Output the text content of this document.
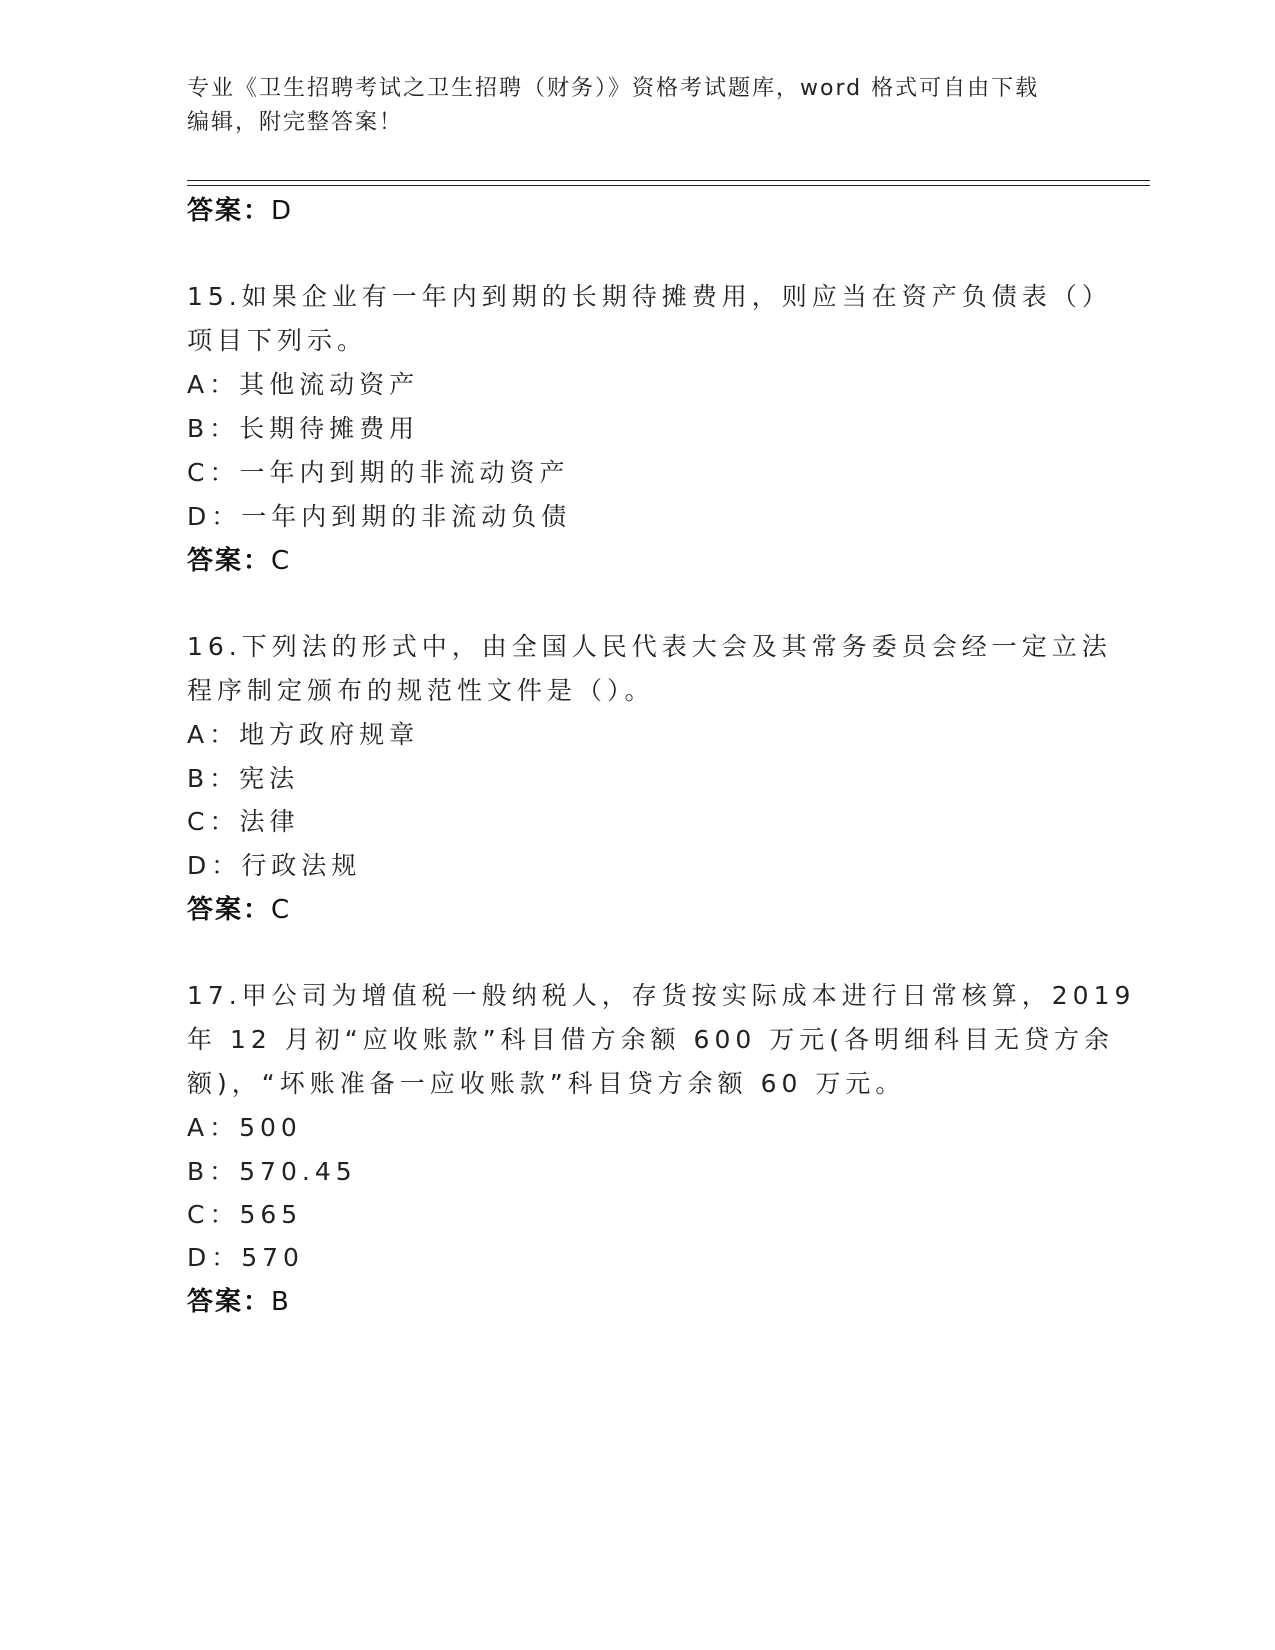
专业《卫生招聘考试之卫生招聘（财务）》资格考试题库，word 格式可自由下载
编辑，附完整答案！
答案：D
15.如果企业有一年内到期的长期待摊费用，则应当在资产负债表（）
项目下列示。
A：其他流动资产
B：长期待摊费用
C：一年内到期的非流动资产
D：一年内到期的非流动负债
答案：C
16.下列法的形式中，由全国人民代表大会及其常务委员会经一定立法
程序制定颁布的规范性文件是（）。
A：地方政府规章
B：宪法
C：法律
D：行政法规
答案：C
17.甲公司为增值税一般纳税人，存货按实际成本进行日常核算，2019
年 12 月初“应收账款”科目借方余额 600 万元(各明细科目无贷方余
额)，“坏账准备一应收账款”科目贷方余额 60 万元。
A：500
B：570.45
C：565
D：570
答案：B
